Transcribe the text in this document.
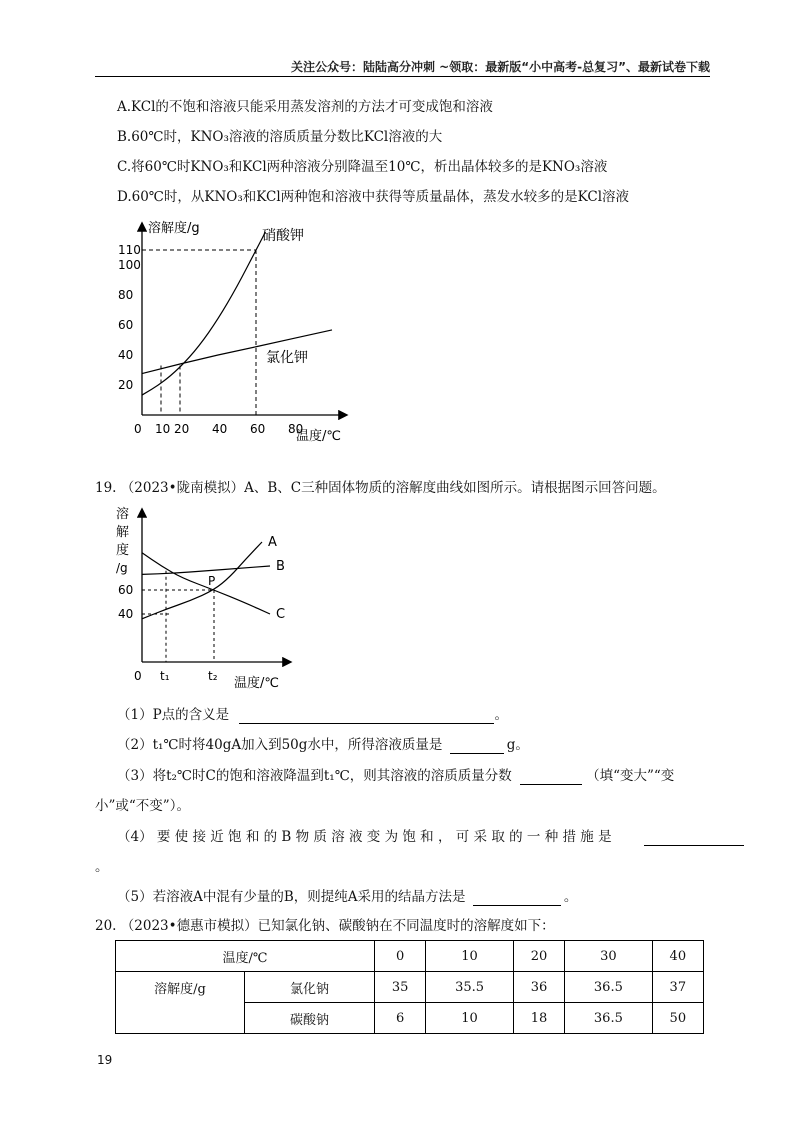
关注公众号：陆陆高分冲刺 ~领取：最新版“小中高考-总复习”、最新试卷下载
A.KCl的不饱和溶液只能采用蒸发溶剂的方法才可变成饱和溶液
B.60℃时，KNO₃溶液的溶质质量分数比KCl溶液的大
C.将60℃时KNO₃和KCl两种溶液分别降温至10℃，析出晶体较多的是KNO₃溶液
D.60℃时，从KNO₃和KCl两种饱和溶液中获得等质量晶体，蒸发水较多的是KCl溶液
溶解度/g
温度/℃
0 10 20 40 60 80
20
40
60
80
100
110
硝酸钾
氯化钾
19. （2023•陇南模拟）A、B、C三种固体物质的溶解度曲线如图所示。请根据图示回答问题。
溶
解
度
/g
0	温度/℃
t₁	t₂
40
60
A
B
C
P
（1）P点的含义是	。
（2）t₁℃时将40gA加入到50g水中，所得溶液质量是	g。
（3）将t₂℃时C的饱和溶液降温到t₁℃，则其溶液的溶质质量分数	（填“变大”“变
小”或“不变”）。
（4） 要 使 接 近 饱 和 的 B 物 质 溶 液 变 为 饱 和 ， 可 采 取 的 一 种 措 施 是
。
（5）若溶液A中混有少量的B，则提纯A采用的结晶方法是	。
20. （2023•德惠市模拟）已知氯化钠、碳酸钠在不同温度时的溶解度如下：
温度/℃		0	10	20	30	40
溶解度/g	氯化钠	35	35.5	36	36.5	37
	碳酸钠	6	10	18	36.5	50
19
